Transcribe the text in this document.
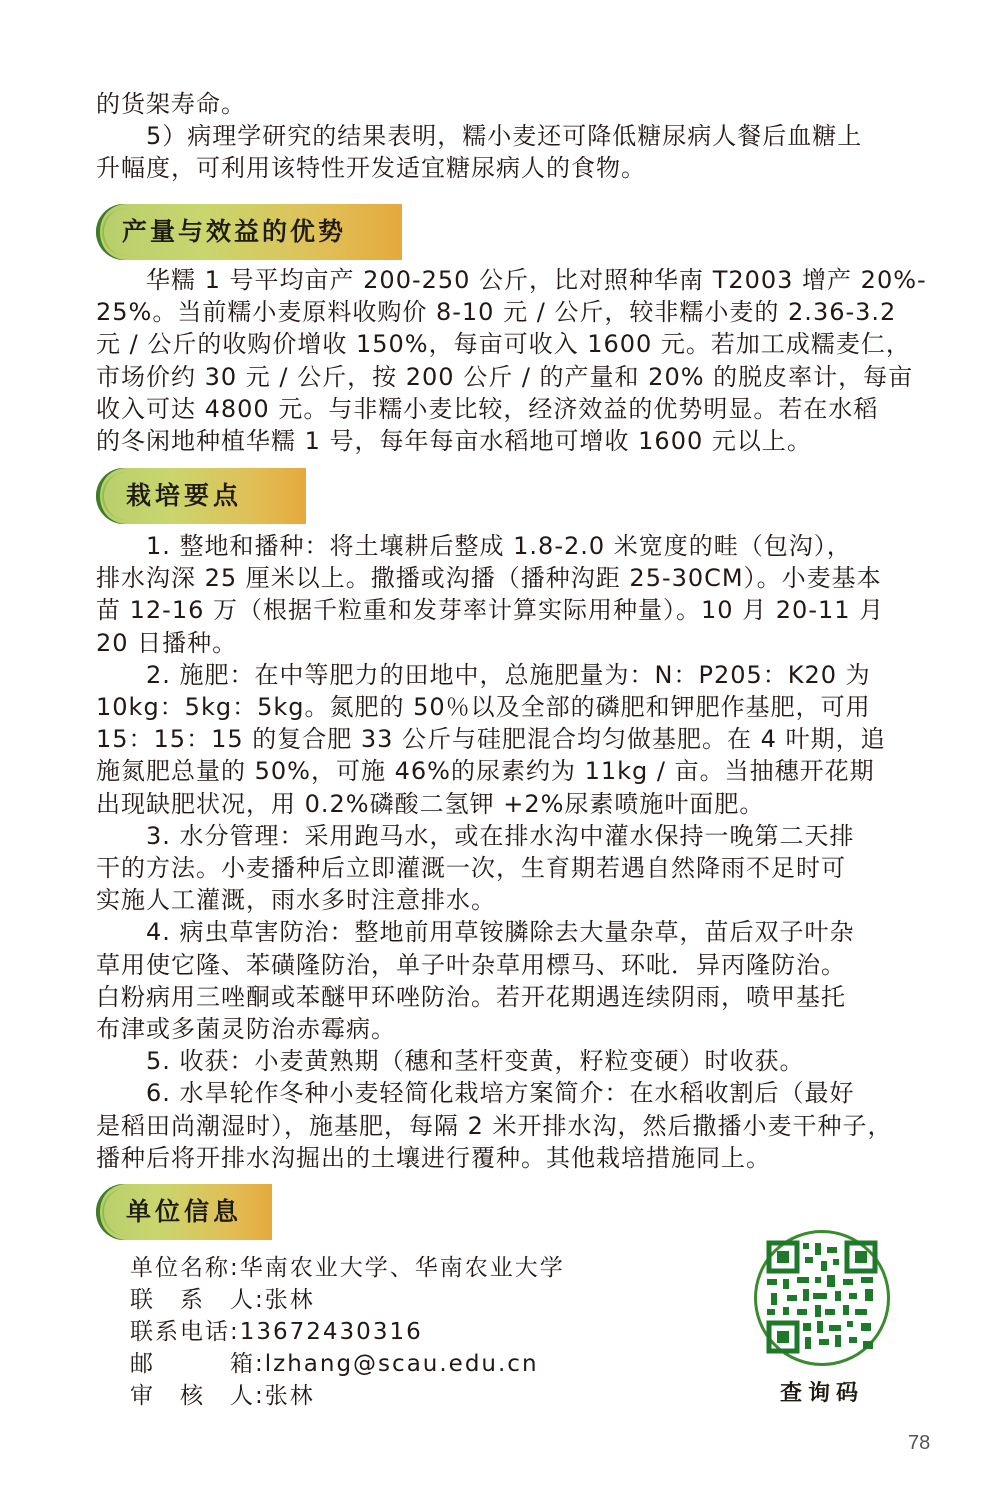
的货架寿命。
5）病理学研究的结果表明，糯小麦还可降低糖尿病人餐后血糖上
升幅度，可利用该特性开发适宜糖尿病人的食物。
产量与效益的优势
华糯 1 号平均亩产 200-250 公斤，比对照种华南 T2003 增产 20%-
25%。当前糯小麦原料收购价 8-10 元 / 公斤，较非糯小麦的 2.36-3.2
元 / 公斤的收购价增收 150%，每亩可收入 1600 元。若加工成糯麦仁，
市场价约 30 元 / 公斤，按 200 公斤 / 的产量和 20% 的脱皮率计，每亩
收入可达 4800 元。与非糯小麦比较，经济效益的优势明显。若在水稻
的冬闲地种植华糯 1 号，每年每亩水稻地可增收 1600 元以上。
栽培要点
1. 整地和播种：将土壤耕后整成 1.8-2.0 米宽度的畦（包沟），
排水沟深 25 厘米以上。撒播或沟播（播种沟距 25-30CM）。小麦基本
苗 12-16 万（根据千粒重和发芽率计算实际用种量）。10 月 20-11 月
20 日播种。
2. 施肥：在中等肥力的田地中，总施肥量为：N：P205：K20 为
10kg：5kg：5kg。氮肥的 50％以及全部的磷肥和钾肥作基肥，可用
15：15：15 的复合肥 33 公斤与硅肥混合均匀做基肥。在 4 叶期，追
施氮肥总量的 50%，可施 46%的尿素约为 11kg / 亩。当抽穗开花期
出现缺肥状况，用 0.2%磷酸二氢钾 +2%尿素喷施叶面肥。
3. 水分管理：采用跑马水，或在排水沟中灌水保持一晚第二天排
干的方法。小麦播种后立即灌溉一次，生育期若遇自然降雨不足时可
实施人工灌溉，雨水多时注意排水。
4. 病虫草害防治：整地前用草铵膦除去大量杂草，苗后双子叶杂
草用使它隆、苯磺隆防治，单子叶杂草用標马、环吡．异丙隆防治。
白粉病用三唑酮或苯醚甲环唑防治。若开花期遇连续阴雨，喷甲基托
布津或多菌灵防治赤霉病。
5. 收获：小麦黄熟期（穗和茎杆变黄，籽粒变硬）时收获。
6. 水旱轮作冬种小麦轻简化栽培方案简介：在水稻收割后（最好
是稻田尚潮湿时），施基肥，每隔 2 米开排水沟，然后撒播小麦干种子，
播种后将开排水沟掘出的土壤进行覆种。其他栽培措施同上。
单位信息
单位名称:华南农业大学、华南农业大学
联　系　人:张林
联系电话:13672430316
邮　　　箱:lzhang@scau.edu.cn
审　核　人:张林	查询码
78
